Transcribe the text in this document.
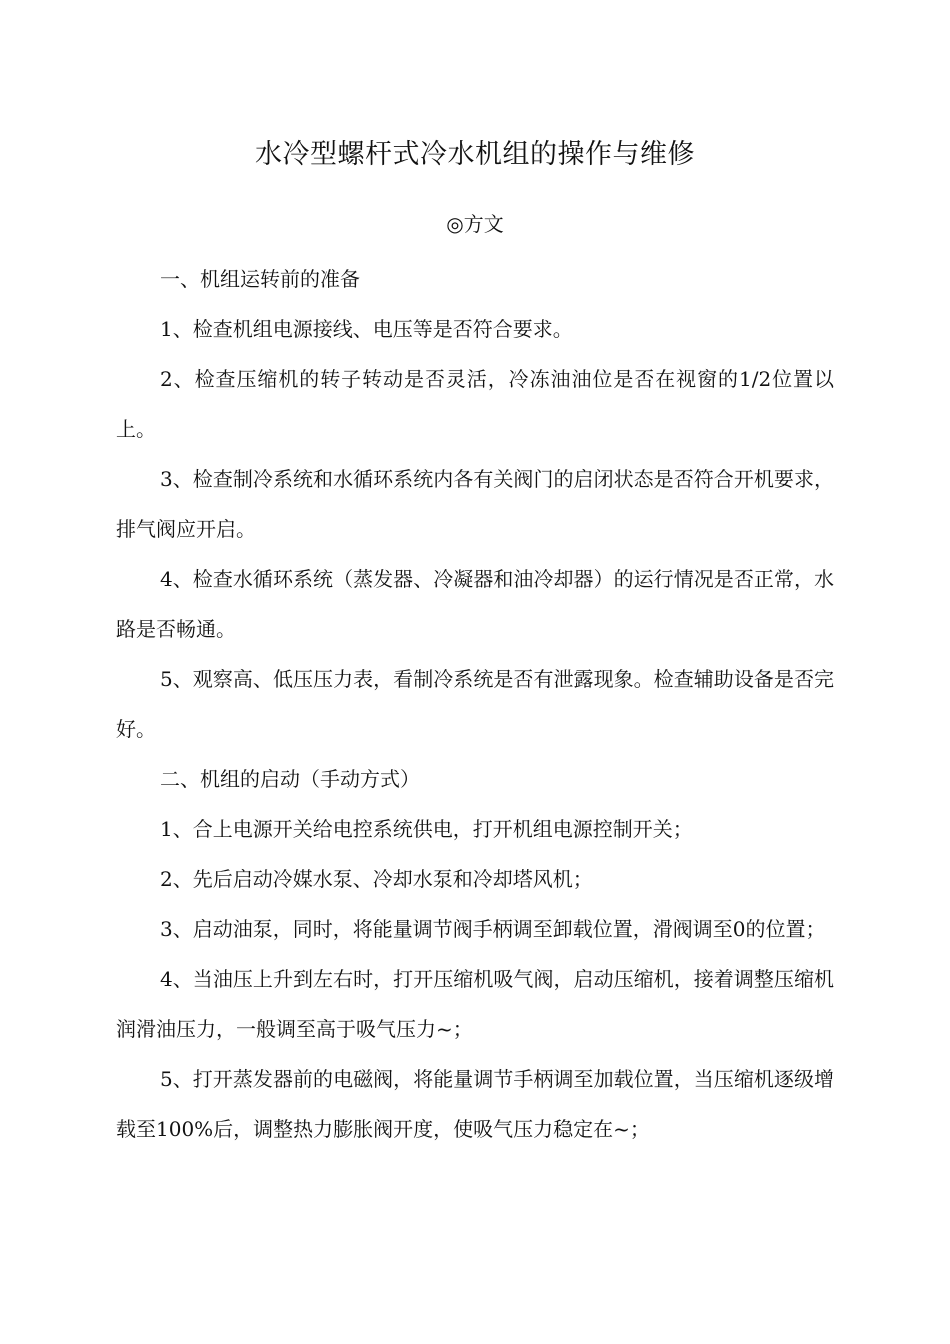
水冷型螺杆式冷水机组的操作与维修
◎方文

一、机组运转前的准备

1、检查机组电源接线、电压等是否符合要求。

2、检查压缩机的转子转动是否灵活，冷冻油油位是否在视窗的1/2位置以上。

3、检查制冷系统和水循环系统内各有关阀门的启闭状态是否符合开机要求，排气阀应开启。

4、检查水循环系统（蒸发器、冷凝器和油冷却器）的运行情况是否正常，水路是否畅通。

5、观察高、低压压力表，看制冷系统是否有泄露现象。检查辅助设备是否完好。

二、机组的启动（手动方式）

1、合上电源开关给电控系统供电，打开机组电源控制开关；

2、先后启动冷媒水泵、冷却水泵和冷却塔风机；

3、启动油泵，同时，将能量调节阀手柄调至卸载位置，滑阀调至0的位置；

4、当油压上升到左右时，打开压缩机吸气阀，启动压缩机，接着调整压缩机润滑油压力，一般调至高于吸气压力~；

5、打开蒸发器前的电磁阀，将能量调节手柄调至加载位置，当压缩机逐级增载至100%后，调整热力膨胀阀开度，使吸气压力稳定在~；
